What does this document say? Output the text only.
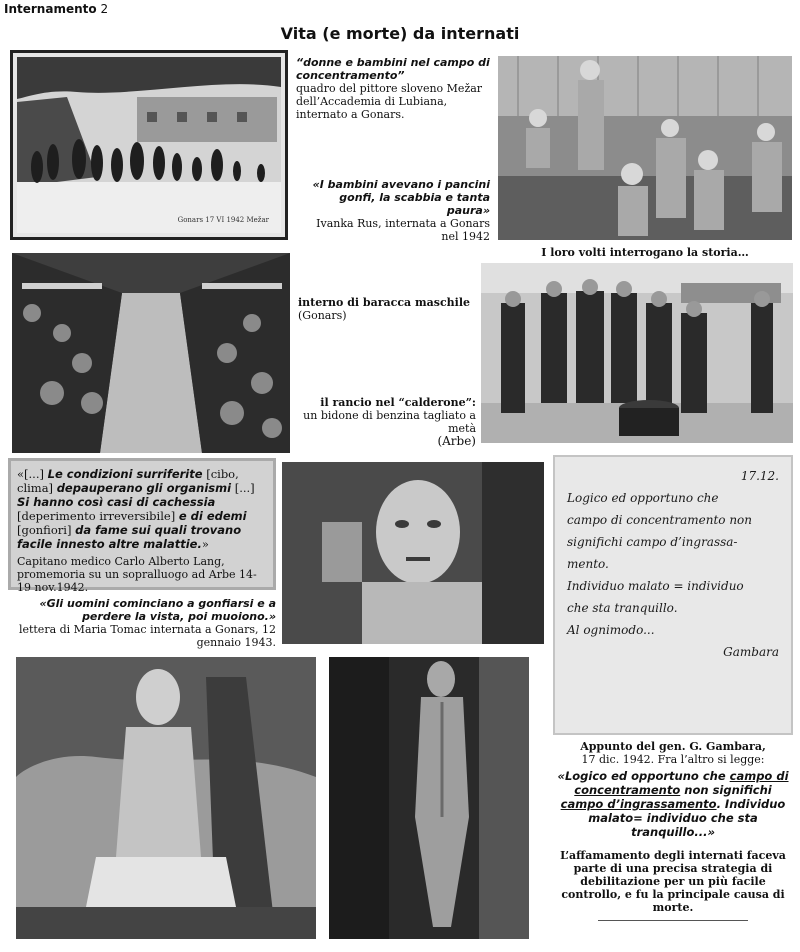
Internamento 2
Vita (e morte) da internati
Gonars 17 VI 1942 Mežar
“donne e bambini nel campo di concentramento”
quadro del pittore sloveno Mežar dell’Accademia di Lubiana, internato a Gonars.
«I bambini avevano i pancini gonfi, la scabbia e tanta paura»
Ivanka Rus, internata a Gonars nel 1942
I loro volti interrogano la storia…
interno di baracca maschile
(Gonars)
il rancio nel “calderone”:
un bidone di benzina tagliato a metà
(Arbe)
«[...] Le condizioni surriferite [cibo, clima] depauperano gli organismi [...] Si hanno così casi di cachessia [deperimento irreversibile] e di edemi [gonfiori] da fame sui quali trovano facile innesto altre malattie.»
Capitano medico Carlo Alberto Lang, promemoria su un sopralluogo ad Arbe 14-19 nov.1942.
«Gli uomini cominciano a gonfiarsi e a perdere la vista, poi muoiono.»
lettera di Maria Tomac internata a Gonars, 12 gennaio 1943.
17.12.
Logico ed opportuno che
campo di concentramento non
significhi campo d’ingrassa-
mento.
Individuo malato = individuo
che sta tranquillo.
Al ognimodo...
Gambara
Appunto del gen. G. Gambara,
17 dic. 1942. Fra l’altro si legge:
«Logico ed opportuno che campo di concentramento non significhi campo d’ingrassamento. Individuo malato= individuo che sta tranquillo...»
L’affamamento degli internati faceva parte di una precisa strategia di debilitazione per un più facile controllo, e fu la principale causa di morte.
